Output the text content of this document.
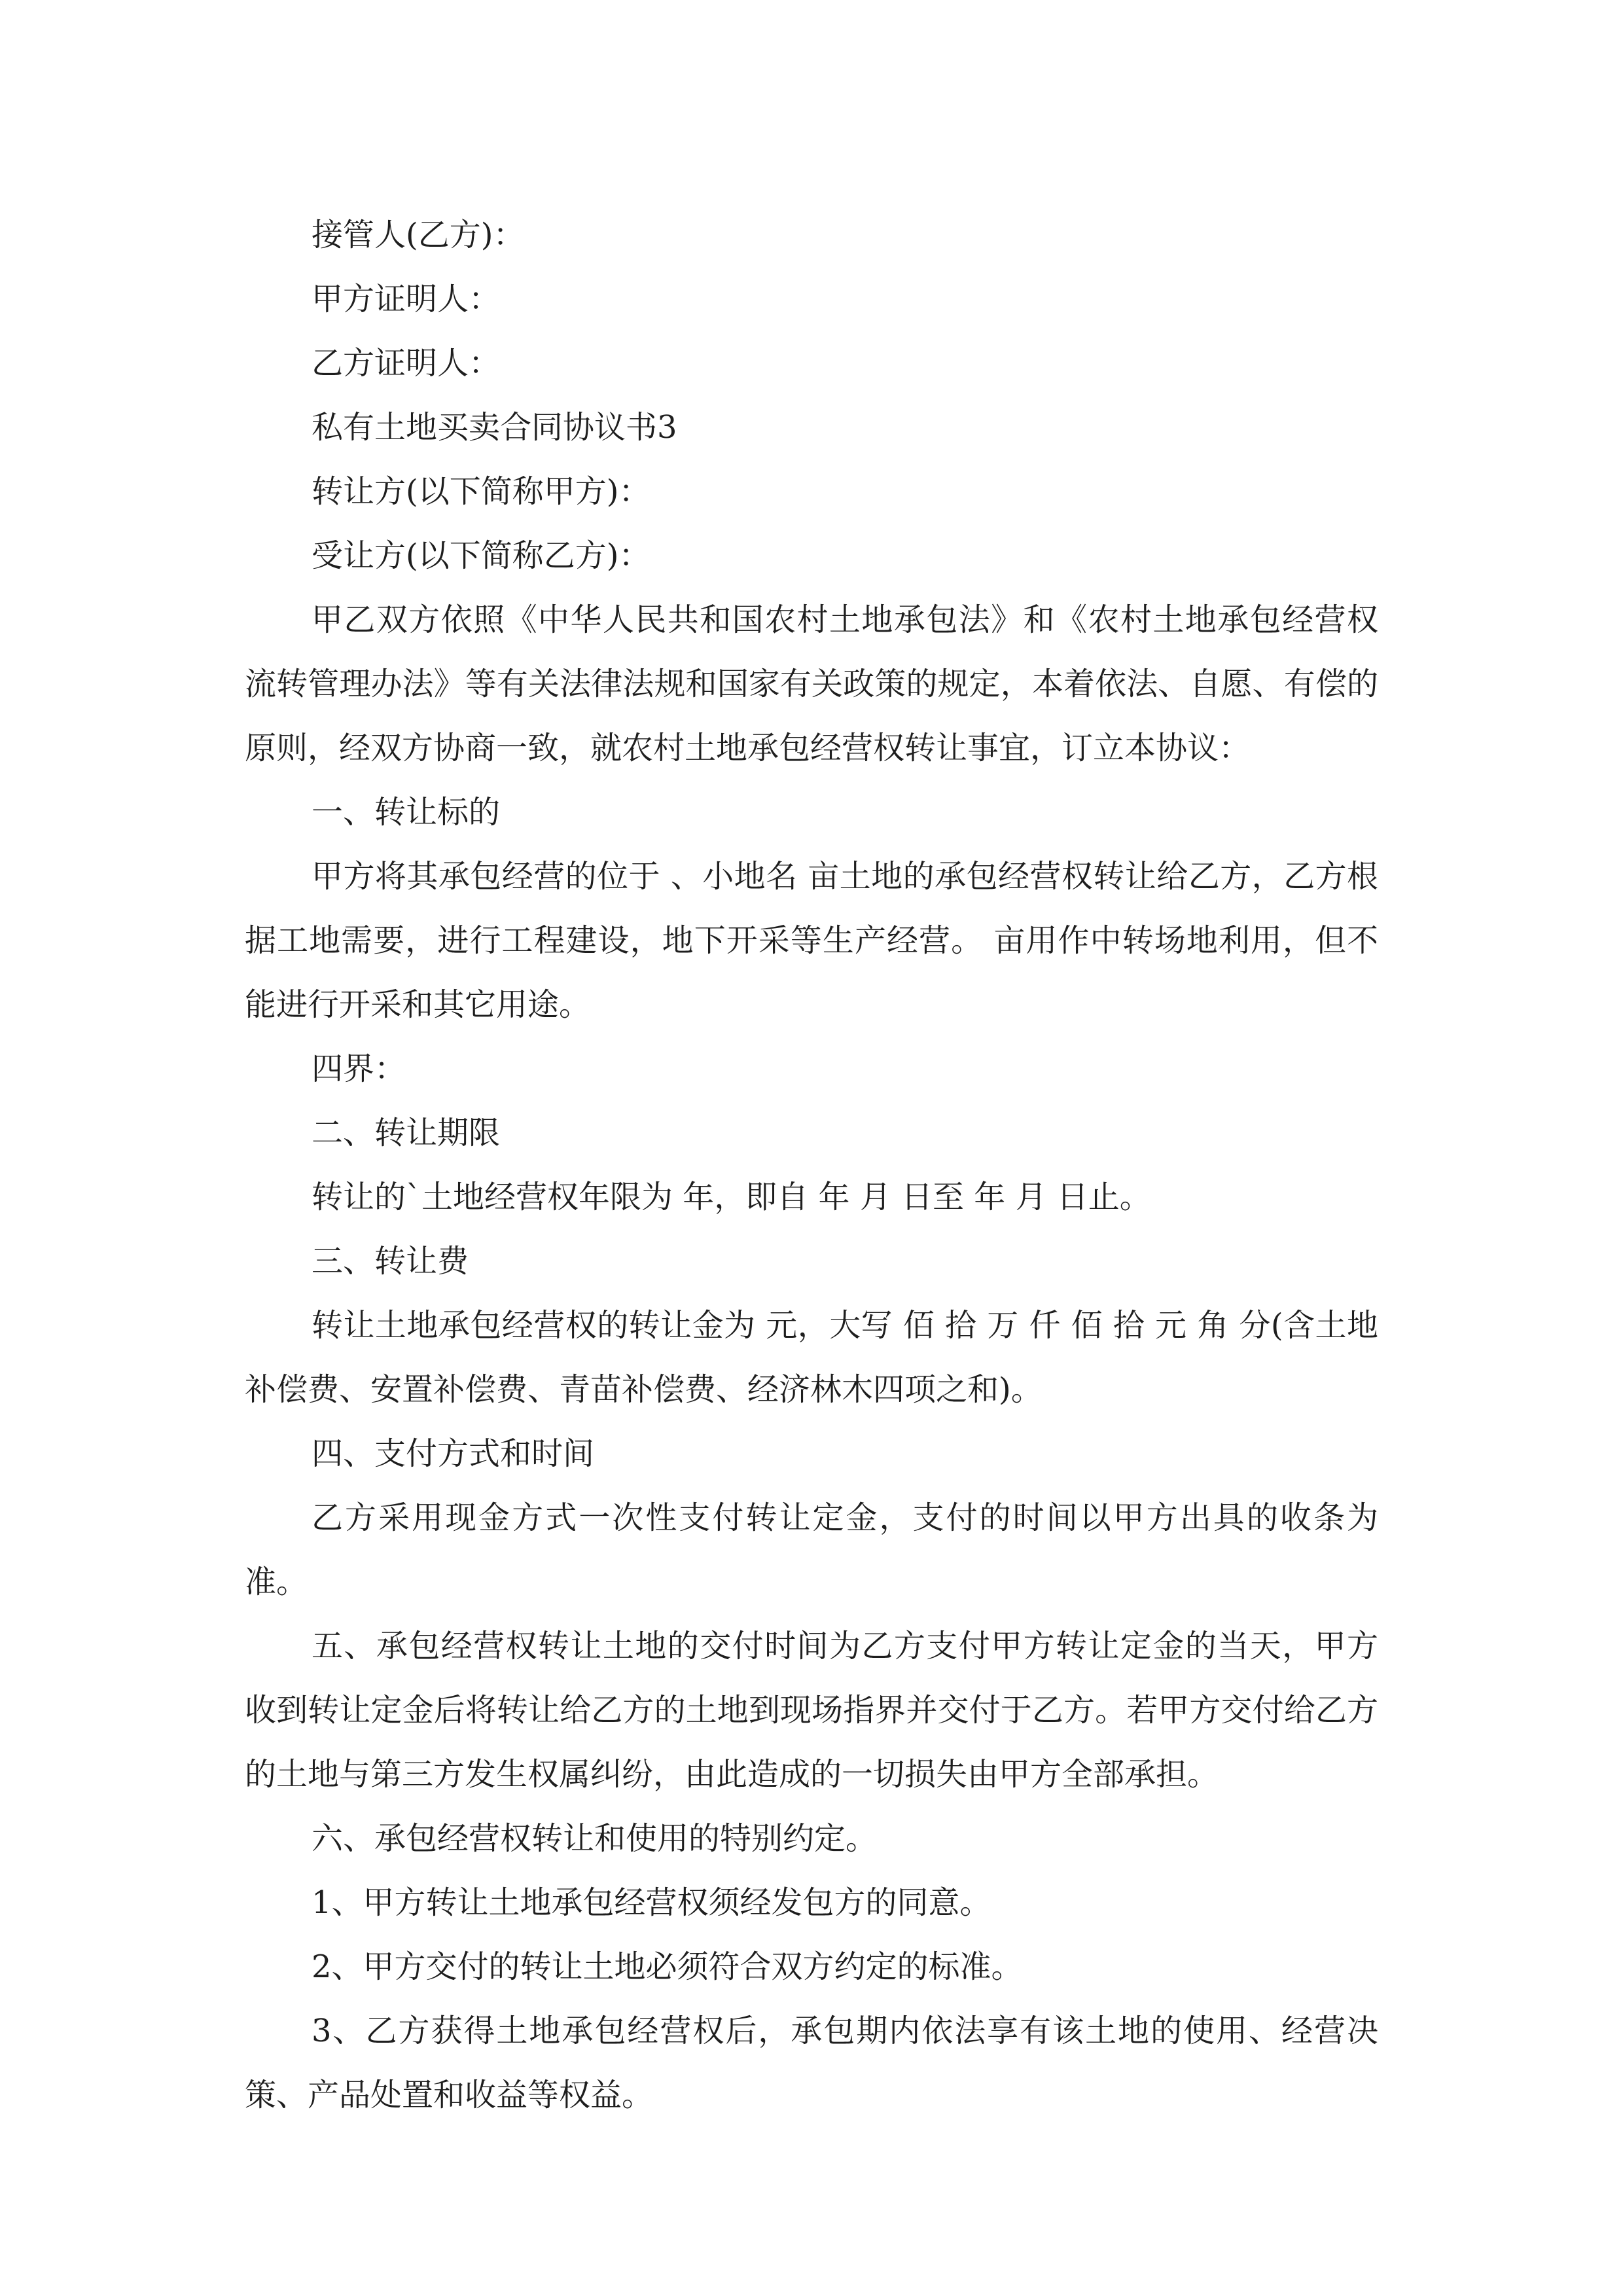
接管人(乙方)：

甲方证明人：

乙方证明人：

私有土地买卖合同协议书3

转让方(以下简称甲方)：

受让方(以下简称乙方)：

甲乙双方依照《中华人民共和国农村土地承包法》和《农村土地承包经营权流转管理办法》等有关法律法规和国家有关政策的规定，本着依法、自愿、有偿的原则，经双方协商一致，就农村土地承包经营权转让事宜，订立本协议：

一、转让标的

甲方将其承包经营的位于 、小地名 亩土地的承包经营权转让给乙方，乙方根据工地需要，进行工程建设，地下开采等生产经营。 亩用作中转场地利用，但不能进行开采和其它用途。

四界：

二、转让期限

转让的`土地经营权年限为 年，即自 年 月 日至 年 月 日止。

三、转让费

转让土地承包经营权的转让金为 元，大写 佰 拾 万 仟 佰 拾 元 角 分(含土地补偿费、安置补偿费、青苗补偿费、经济林木四项之和)。

四、支付方式和时间

乙方采用现金方式一次性支付转让定金，支付的时间以甲方出具的收条为准。

五、承包经营权转让土地的交付时间为乙方支付甲方转让定金的当天，甲方收到转让定金后将转让给乙方的土地到现场指界并交付于乙方。若甲方交付给乙方的土地与第三方发生权属纠纷，由此造成的一切损失由甲方全部承担。

六、承包经营权转让和使用的特别约定。

1、甲方转让土地承包经营权须经发包方的同意。

2、甲方交付的转让土地必须符合双方约定的标准。

3、乙方获得土地承包经营权后，承包期内依法享有该土地的使用、经营决策、产品处置和收益等权益。
